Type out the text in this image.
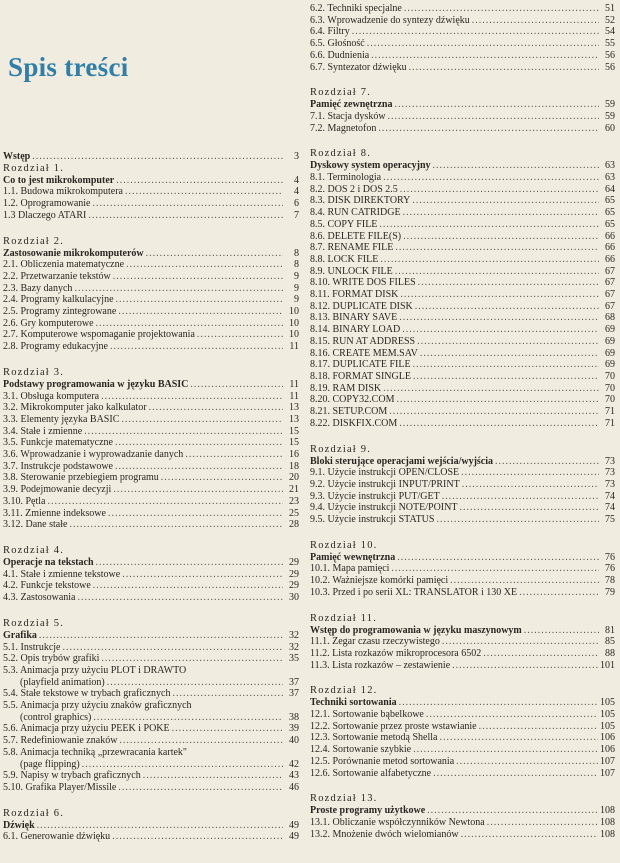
Spis treści
Wstęp .....	3
Rozdział 1.
Co to jest mikrokomputer .....	4
1.1. Budowa mikrokomputera .....	4
1.2. Oprogramowanie .....	6
1.3 Dlaczego ATARI .....	7
Rozdział 2.
Zastosowanie mikrokomputerów .....	8
2.1. Obliczenia matematyczne .....	8
2.2. Przetwarzanie tekstów .....	9
2.3. Bazy danych .....	9
2.4. Programy kalkulacyjne .....	9
2.5. Programy zintegrowane .....	10
2.6. Gry komputerowe .....	10
2.7. Komputerowe wspomaganie projektowania .....	10
2.8. Programy edukacyjne .....	11
Rozdział 3.
Podstawy programowania w języku BASIC .....	11
3.1. Obsługa komputera .....	11
3.2. Mikrokomputer jako kalkulator .....	13
3.3. Elementy języka BASIC .....	13
3.4. Stałe i zmienne .....	15
3.5. Funkcje matematyczne .....	15
3.6. Wprowadzanie i wyprowadzanie danych .....	16
3.7. Instrukcje podstawowe .....	18
3.8. Sterowanie przebiegiem programu .....	20
3.9. Podejmowanie decyzji .....	21
3.10. Pętla .....	23
3.11. Zmienne indeksowe .....	25
3.12. Dane stałe .....	28
Rozdział 4.
Operacje na tekstach .....	29
4.1. Stałe i zmienne tekstowe .....	29
4.2. Funkcje tekstowe .....	29
4.3. Zastosowania .....	30
Rozdział 5.
Grafika .....	32
5.1. Instrukcje .....	32
5.2. Opis trybów grafiki .....	35
5.3. Animacja przy użyciu PLOT i DRAWTO
(playfield animation) .....	37
5.4. Stałe tekstowe w trybach graficznych .....	37
5.5. Animacja przy użyciu znaków graficznych
(control graphics) .....	38
5.6. Animacja przy użyciu PEEK i POKE .....	39
5.7. Redefiniowanie znaków .....	40
5.8. Animacja techniką „przewracania kartek"
(page flipping) .....	42
5.9. Napisy w trybach graficznych .....	43
5.10. Grafika Player/Missile .....	46
Rozdział 6.
Dźwięk .....	49
6.1. Generowanie dźwięku .....	49
6.2. Techniki specjalne .....	51
6.3. Wprowadzenie do syntezy dźwięku .....	52
6.4. Filtry .....	54
6.5. Głośność .....	55
6.6. Dudnienia .....	56
6.7. Syntezator dźwięku .....	56
Rozdział 7.
Pamięć zewnętrzna .....	59
7.1. Stacja dysków .....	59
7.2. Magnetofon .....	60
Rozdział 8.
Dyskowy system operacyjny .....	63
8.1. Terminologia .....	63
8.2. DOS 2 i DOS 2.5 .....	64
8.3. DISK DIREKTORY .....	65
8.4. RUN CATRIDGE .....	65
8.5. COPY FILE .....	65
8.6. DELETE FILE(S) .....	66
8.7. RENAME FILE .....	66
8.8. LOCK FILE .....	66
8.9. UNLOCK FILE .....	67
8.10. WRITE DOS FILES .....	67
8.11. FORMAT DISK .....	67
8.12. DUPLICATE DISK .....	67
8.13. BINARY SAVE .....	68
8.14. BINARY LOAD .....	69
8.15. RUN AT ADDRESS .....	69
8.16. CREATE MEM.SAV .....	69
8.17. DUPLICATE FILE .....	69
8.18. FORMAT SINGLE .....	70
8.19. RAM DISK .....	70
8.20. COPY32.COM .....	70
8.21. SETUP.COM .....	71
8.22. DISKFIX.COM .....	71
Rozdział 9.
Bloki sterujące operacjami wejścia/wyjścia .....	73
9.1. Użycie instrukcji OPEN/CLOSE .....	73
9.2. Użycie instrukcji INPUT/PRINT .....	73
9.3. Użycie instrukcji PUT/GET .....	74
9.4. Użycie instrukcji NOTE/POINT .....	74
9.5. Użycie instrukcji STATUS .....	75
Rozdział 10.
Pamięć wewnętrzna .....	76
10.1. Mapa pamięci .....	76
10.2. Ważniejsze komórki pamięci .....	78
10.3. Przed i po serii XL: TRANSLATOR i 130 XE .....	79
Rozdział 11.
Wstęp do programowania w języku maszynowym .....	81
11.1. Zegar czasu rzeczywistego .....	85
11.2. Lista rozkazów mikroprocesora 6502 .....	88
11.3. Lista rozkazów – zestawienie .....	101
Rozdział 12.
Techniki sortowania .....	105
12.1. Sortowanie bąbelkowe .....	105
12.2. Sortowanie przez proste wstawianie .....	105
12.3. Sortowanie metodą Shella .....	106
12.4. Sortowanie szybkie .....	106
12.5. Porównanie metod sortowania .....	107
12.6. Sortowanie alfabetyczne .....	107
Rozdział 13.
Proste programy użytkowe .....	108
13.1. Obliczanie współczynników Newtona .....	108
13.2. Mnożenie dwóch wielomianów .....	108
